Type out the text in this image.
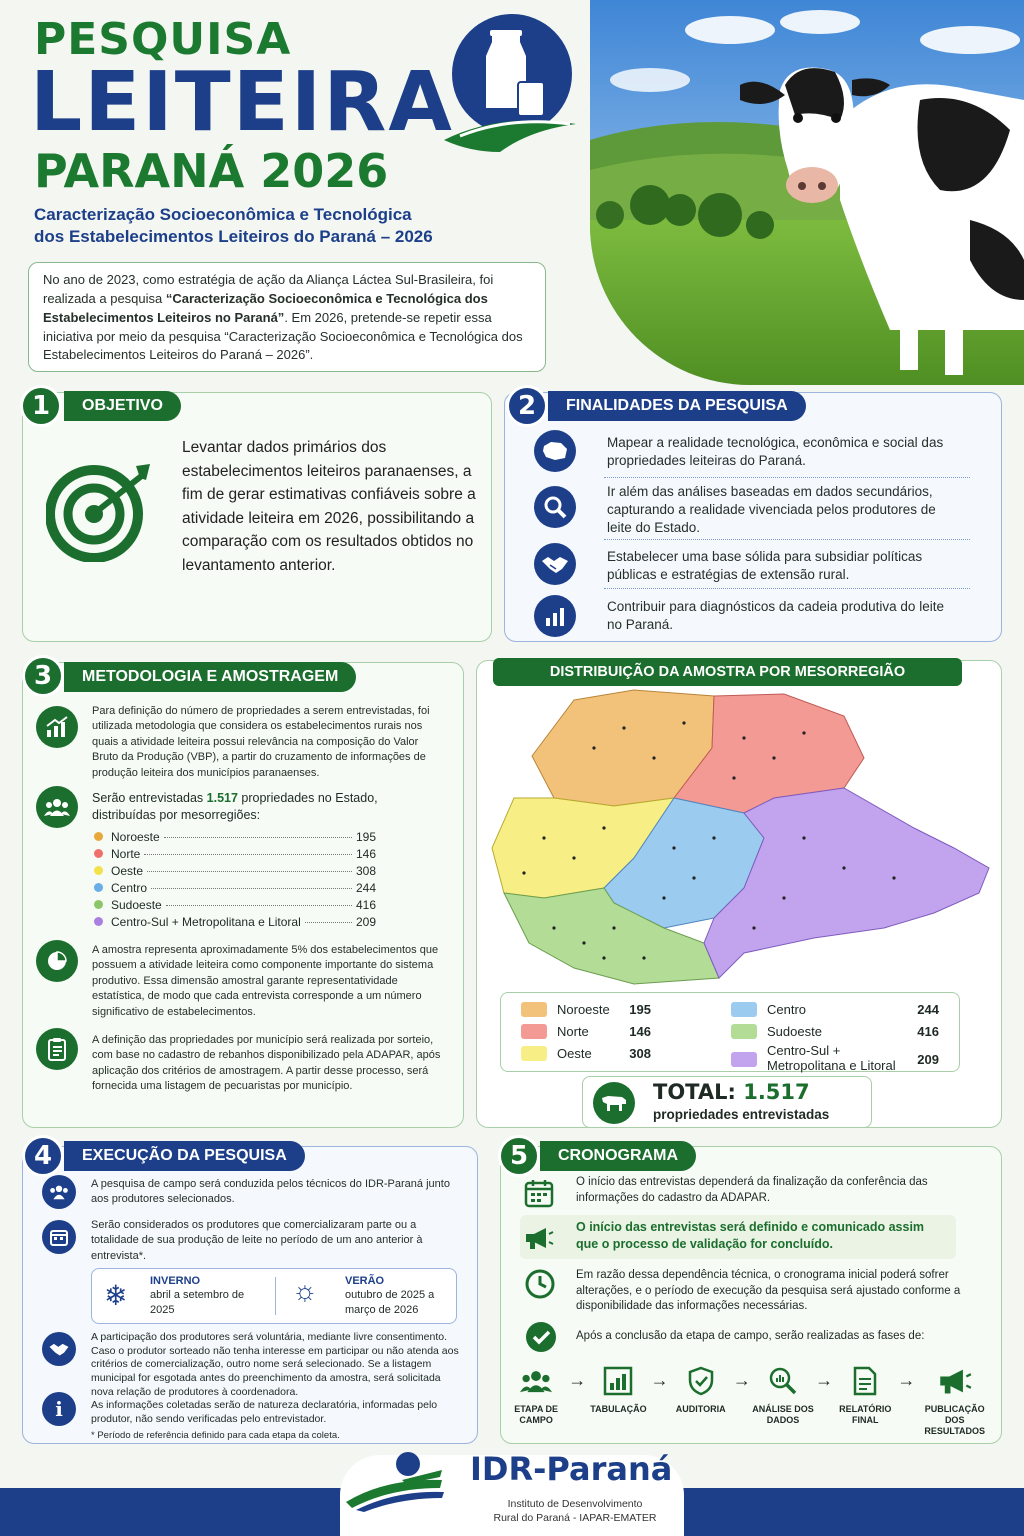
PESQUISA
LEITEIRA
PARANÁ 2026
Caracterização Socioeconômica e Tecnológica
dos Estabelecimentos Leiteiros do Paraná – 2026
No ano de 2023, como estratégia de ação da Aliança Láctea Sul-Brasileira, foi realizada a pesquisa “Caracterização Socioeconômica e Tecnológica dos Estabelecimentos Leiteiros no Paraná”. Em 2026, pretende-se repetir essa iniciativa por meio da pesquisa “Caracterização Socioeconômica e Tecnológica dos Estabelecimentos Leiteiros do Paraná – 2026”.
1	OBJETIVO
Levantar dados primários dos estabelecimentos leiteiros paranaenses, a fim de gerar estimativas confiáveis sobre a atividade leiteira em 2026, possibilitando a comparação com os resultados obtidos no levantamento anterior.
2	FINALIDADES DA PESQUISA
Mapear a realidade tecnológica, econômica e social das propriedades leiteiras do Paraná.
Ir além das análises baseadas em dados secundários, capturando a realidade vivenciada pelos produtores de leite do Estado.
Estabelecer uma base sólida para subsidiar políticas públicas e estratégias de extensão rural.
Contribuir para diagnósticos da cadeia produtiva do leite no Paraná.
3	METODOLOGIA E AMOSTRAGEM
Para definição do número de propriedades a serem entrevistadas, foi utilizada metodologia que considera os estabelecimentos rurais nos quais a atividade leiteira possui relevância na composição do Valor Bruto da Produção (VBP), a partir do cruzamento de informações de produção leiteira dos municípios paranaenses.
Serão entrevistadas 1.517 propriedades no Estado, distribuídas por mesorregiões:
Noroeste	195
Norte	146
Oeste	308
Centro	244
Sudoeste	416
Centro-Sul + Metropolitana e Litoral	209
A amostra representa aproximadamente 5% dos estabelecimentos que possuem a atividade leiteira como componente importante do sistema produtivo. Essa dimensão amostral garante representatividade estatística, de modo que cada entrevista corresponde a um número significativo de estabelecimentos.
A definição das propriedades por município será realizada por sorteio, com base no cadastro de rebanhos disponibilizado pela ADAPAR, após aplicação dos critérios de amostragem. A partir desse processo, será fornecida uma listagem de pecuaristas por município.
DISTRIBUIÇÃO DA AMOSTRA POR MESORREGIÃO
Noroeste 195
Norte	146
Oeste	308
Centro	244
Sudoeste	416
Centro-Sul + Metropolitana e Litoral	209
TOTAL: 1.517
propriedades entrevistadas
4	EXECUÇÃO DA PESQUISA
A pesquisa de campo será conduzida pelos técnicos do IDR-Paraná junto aos produtores selecionados.
Serão considerados os produtores que comercializaram parte ou a totalidade de sua produção de leite no período de um ano anterior à entrevista*.
❄ INVERNO
abril a setembro de 2025
☼ VERÃO
outubro de 2025 a março de 2026
A participação dos produtores será voluntária, mediante livre consentimento. Caso o produtor sorteado não tenha interesse em participar ou não atenda aos critérios de comercialização, outro nome será selecionado. Se a listagem municipal for esgotada antes do preenchimento da amostra, será solicitada nova relação de produtores à coordenadora.
i	As informações coletadas serão de natureza declaratória, informadas pelo produtor, não sendo verificadas pelo entrevistador.
* Período de referência definido para cada etapa da coleta.
5	CRONOGRAMA
O início das entrevistas dependerá da finalização da conferência das informações do cadastro da ADAPAR.
O início das entrevistas será definido e comunicado assim que o processo de validação for concluído.
Em razão dessa dependência técnica, o cronograma inicial poderá sofrer alterações, e o período de execução da pesquisa será ajustado conforme a disponibilidade das informações necessárias.
Após a conclusão da etapa de campo, serão realizadas as fases de:
ETAPA DE CAMPO
→
TABULAÇÃO
→
AUDITORIA
→
ANÁLISE DOS DADOS
→
RELATÓRIO FINAL
→
PUBLICAÇÃO DOS RESULTADOS
IDR-Paraná
Instituto de Desenvolvimento
Rural do Paraná - IAPAR-EMATER
